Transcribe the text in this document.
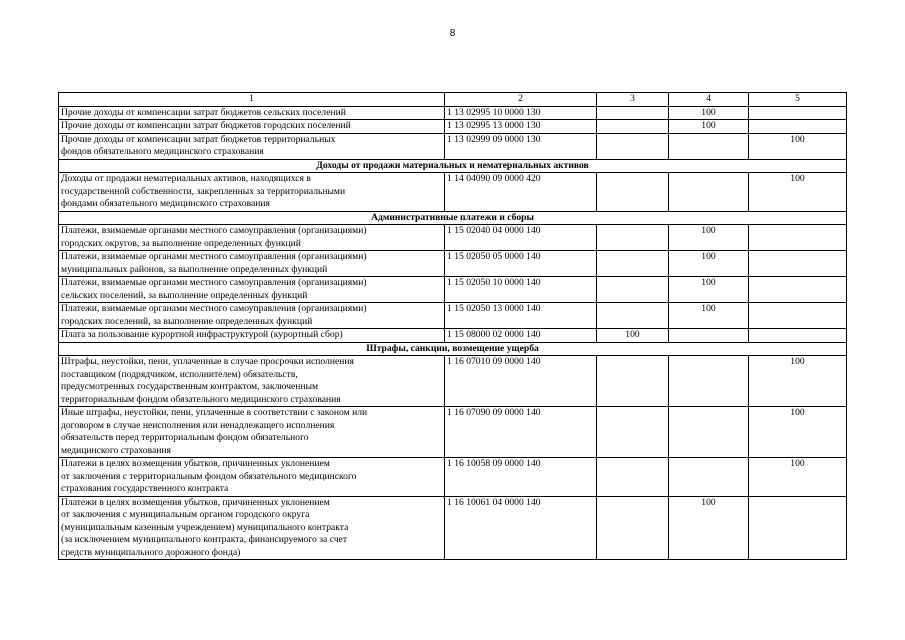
8
1	2	3	4	5
Прочие доходы от компенсации затрат бюджетов сельских поселений	1 13 02995 10 0000 130		100	
Прочие доходы от компенсации затрат бюджетов городских поселений	1 13 02995 13 0000 130		100	
Прочие доходы от компенсации затрат бюджетов территориальных
фондов обязательного медицинского страхования	1 13 02999 09 0000 130			100
Доходы от продажи материальных и нематериальных активов				
Доходы от продажи нематериальных активов, находящихся в
государственной собственности, закрепленных за территориальными
фондами обязательного медицинского страхования	1 14 04090 09 0000 420			100
Административные платежи и сборы				
Платежи, взимаемые органами местного самоуправления (организациями)
городских округов, за выполнение определенных функций	1 15 02040 04 0000 140		100	
Платежи, взимаемые органами местного самоуправления (организациями)
муниципальных районов, за выполнение определенных функций	1 15 02050 05 0000 140		100	
Платежи, взимаемые органами местного самоуправления (организациями)
сельских поселений, за выполнение определенных функций	1 15 02050 10 0000 140		100	
Платежи, взимаемые органами местного самоуправления (организациями)
городских поселений, за выполнение определенных функций	1 15 02050 13 0000 140		100	
Плата за пользование курортной инфраструктурой (курортный сбор)	1 15 08000 02 0000 140	100		
Штрафы, санкции, возмещение ущерба				
Штрафы, неустойки, пени, уплаченные в случае просрочки исполнения
поставщиком (подрядчиком, исполнителем) обязательств,
предусмотренных государственным контрактом, заключенным
территориальным фондом обязательного медицинского страхования	1 16 07010 09 0000 140			100
Иные штрафы, неустойки, пени, уплаченные в соответствии с законом или
договором в случае неисполнения или ненадлежащего исполнения
обязательств перед территориальным фондом обязательного
медицинского страхования	1 16 07090 09 0000 140			100
Платежи в целях возмещения убытков, причиненных уклонением
от заключения с территориальным фондом обязательного медицинского
страхования государственного контракта	1 16 10058 09 0000 140			100
Платежи в целях возмещения убытков, причиненных уклонением
от заключения с муниципальным органом городского округа
(муниципальным казенным учреждением) муниципального контракта
(за исключением муниципального контракта, финансируемого за счет
средств муниципального дорожного фонда)	1 16 10061 04 0000 140		100	
